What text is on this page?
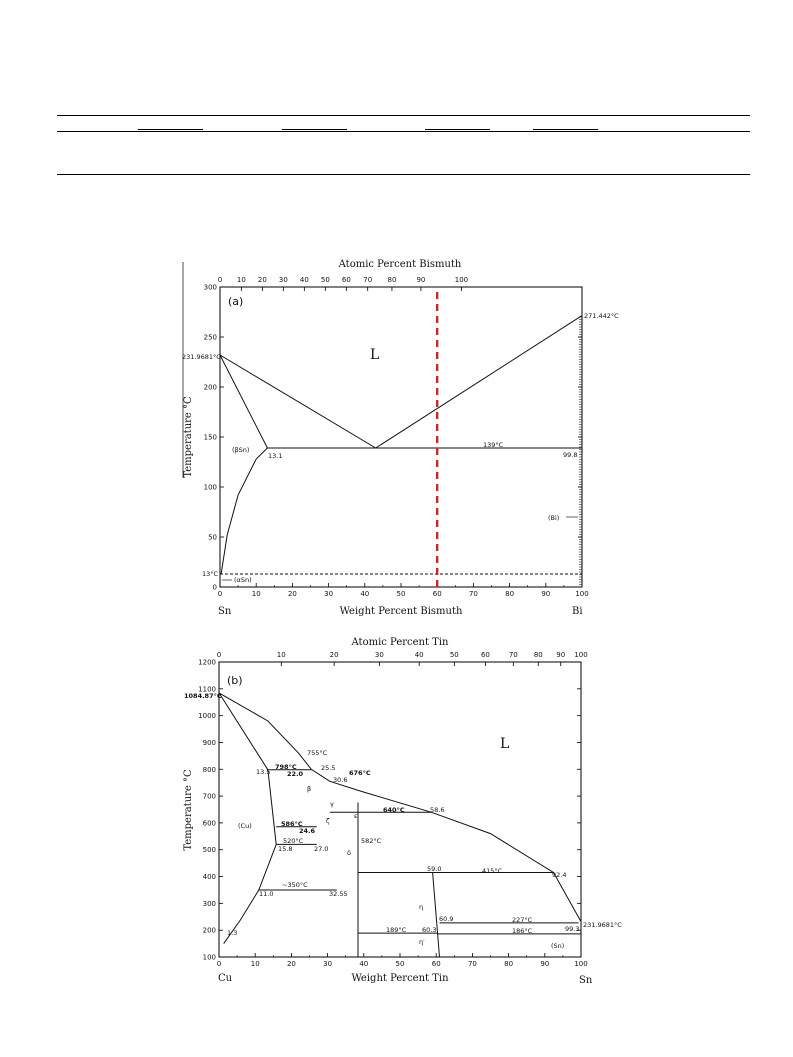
Atomic Percent Bismuth
0 10 20 30 40 50 60 70 80	90	100
0	10	20	30	40	50	60	70	80	90	100
0
50
100
150
200
250
300
(a)
L
231.9681°C
271.442°C
(βSn)
13.1
139°C
99.8
(Bi)
13°C
(αSn)
Sn	Bi
Weight Percent Bismuth
Temperature °C
Atomic Percent Tin
0	10	20	30	40	50	60	70 80 90 100
0	10	20	30	40	50	60	70	80	90	100
100
200
300
400
500
600
700
800
900
1000
1100
1200
(b)
L
1084.87°C
231.9681°C
(Cu)
(Sn)
798°C
755°C
676°C
640°C
586°C
582°C
520°C
~350°C
415°C
227°C
189°C	186°C
13.5	22.0
25.5
30.6
24.6
15.8	27.0
58.6
59.0
92.4
11.0	32.55
60.9
60.3	99.3
1.3
β
γ
ζ
δ
ε
η
η′
Cu	Sn
Weight Percent Tin
Temperature °C
